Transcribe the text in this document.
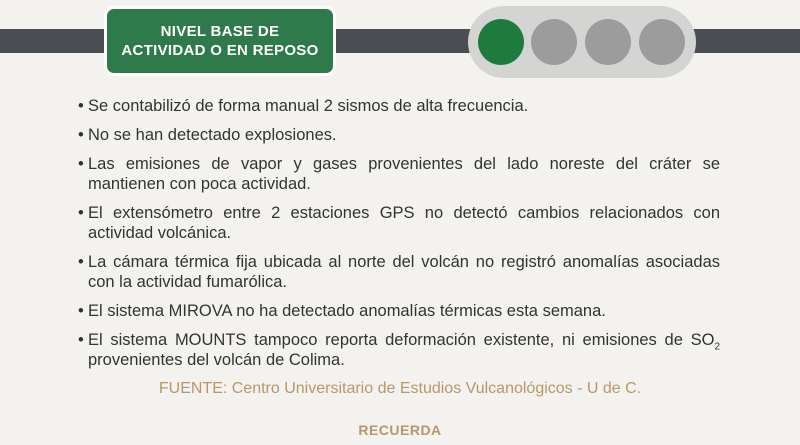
NIVEL BASE DE
ACTIVIDAD O EN REPOSO
• Se contabilizó de forma manual 2 sismos de alta frecuencia.
• No se han detectado explosiones.
• Las emisiones de vapor y gases provenientes del lado noreste del cráter se mantienen con poca actividad.
• El extensómetro entre 2 estaciones GPS no detectó cambios relacionados con actividad volcánica.
• La cámara térmica fija ubicada al norte del volcán no registró anomalías asociadas con la actividad fumarólica.
• El sistema MIROVA no ha detectado anomalías térmicas esta semana.
• El sistema MOUNTS tampoco reporta deformación existente, ni emisiones de $SO_2$ provenientes del volcán de Colima.
FUENTE: Centro Universitario de Estudios Vulcanológicos - U de C.
RECUERDA
